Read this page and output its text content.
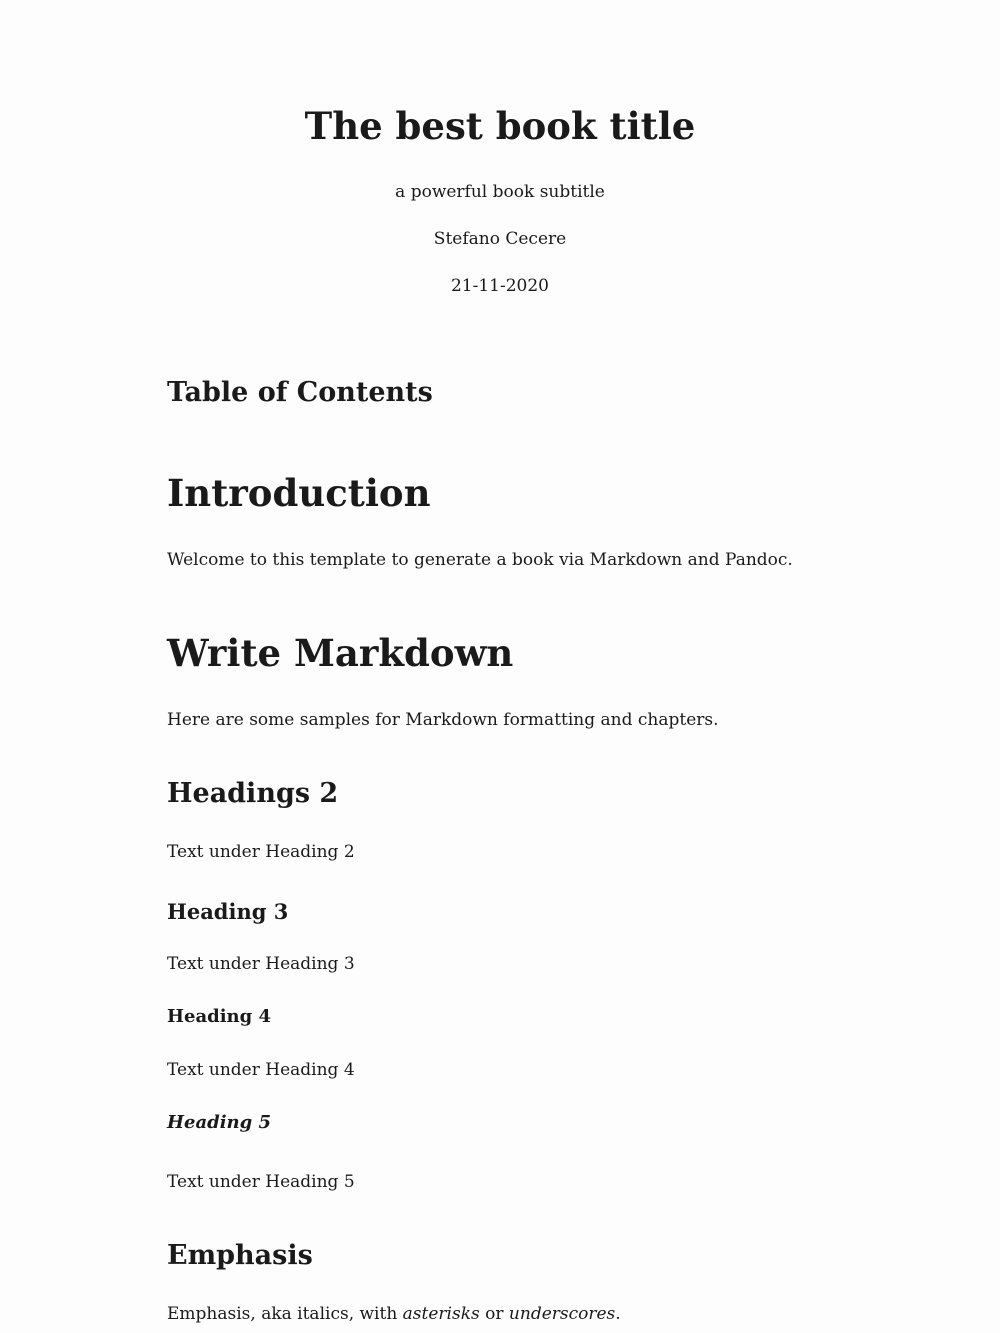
The best book title

a powerful book subtitle

Stefano Cecere

21-11-2020

Table of Contents
Introduction

Welcome to this template to generate a book via Markdown and Pandoc.

Write Markdown

Here are some samples for Markdown formatting and chapters.

Headings 2

Text under Heading 2

Heading 3

Text under Heading 3

Heading 4

Text under Heading 4

Heading 5

Text under Heading 5

Emphasis

Emphasis, aka italics, with asterisks or underscores.
